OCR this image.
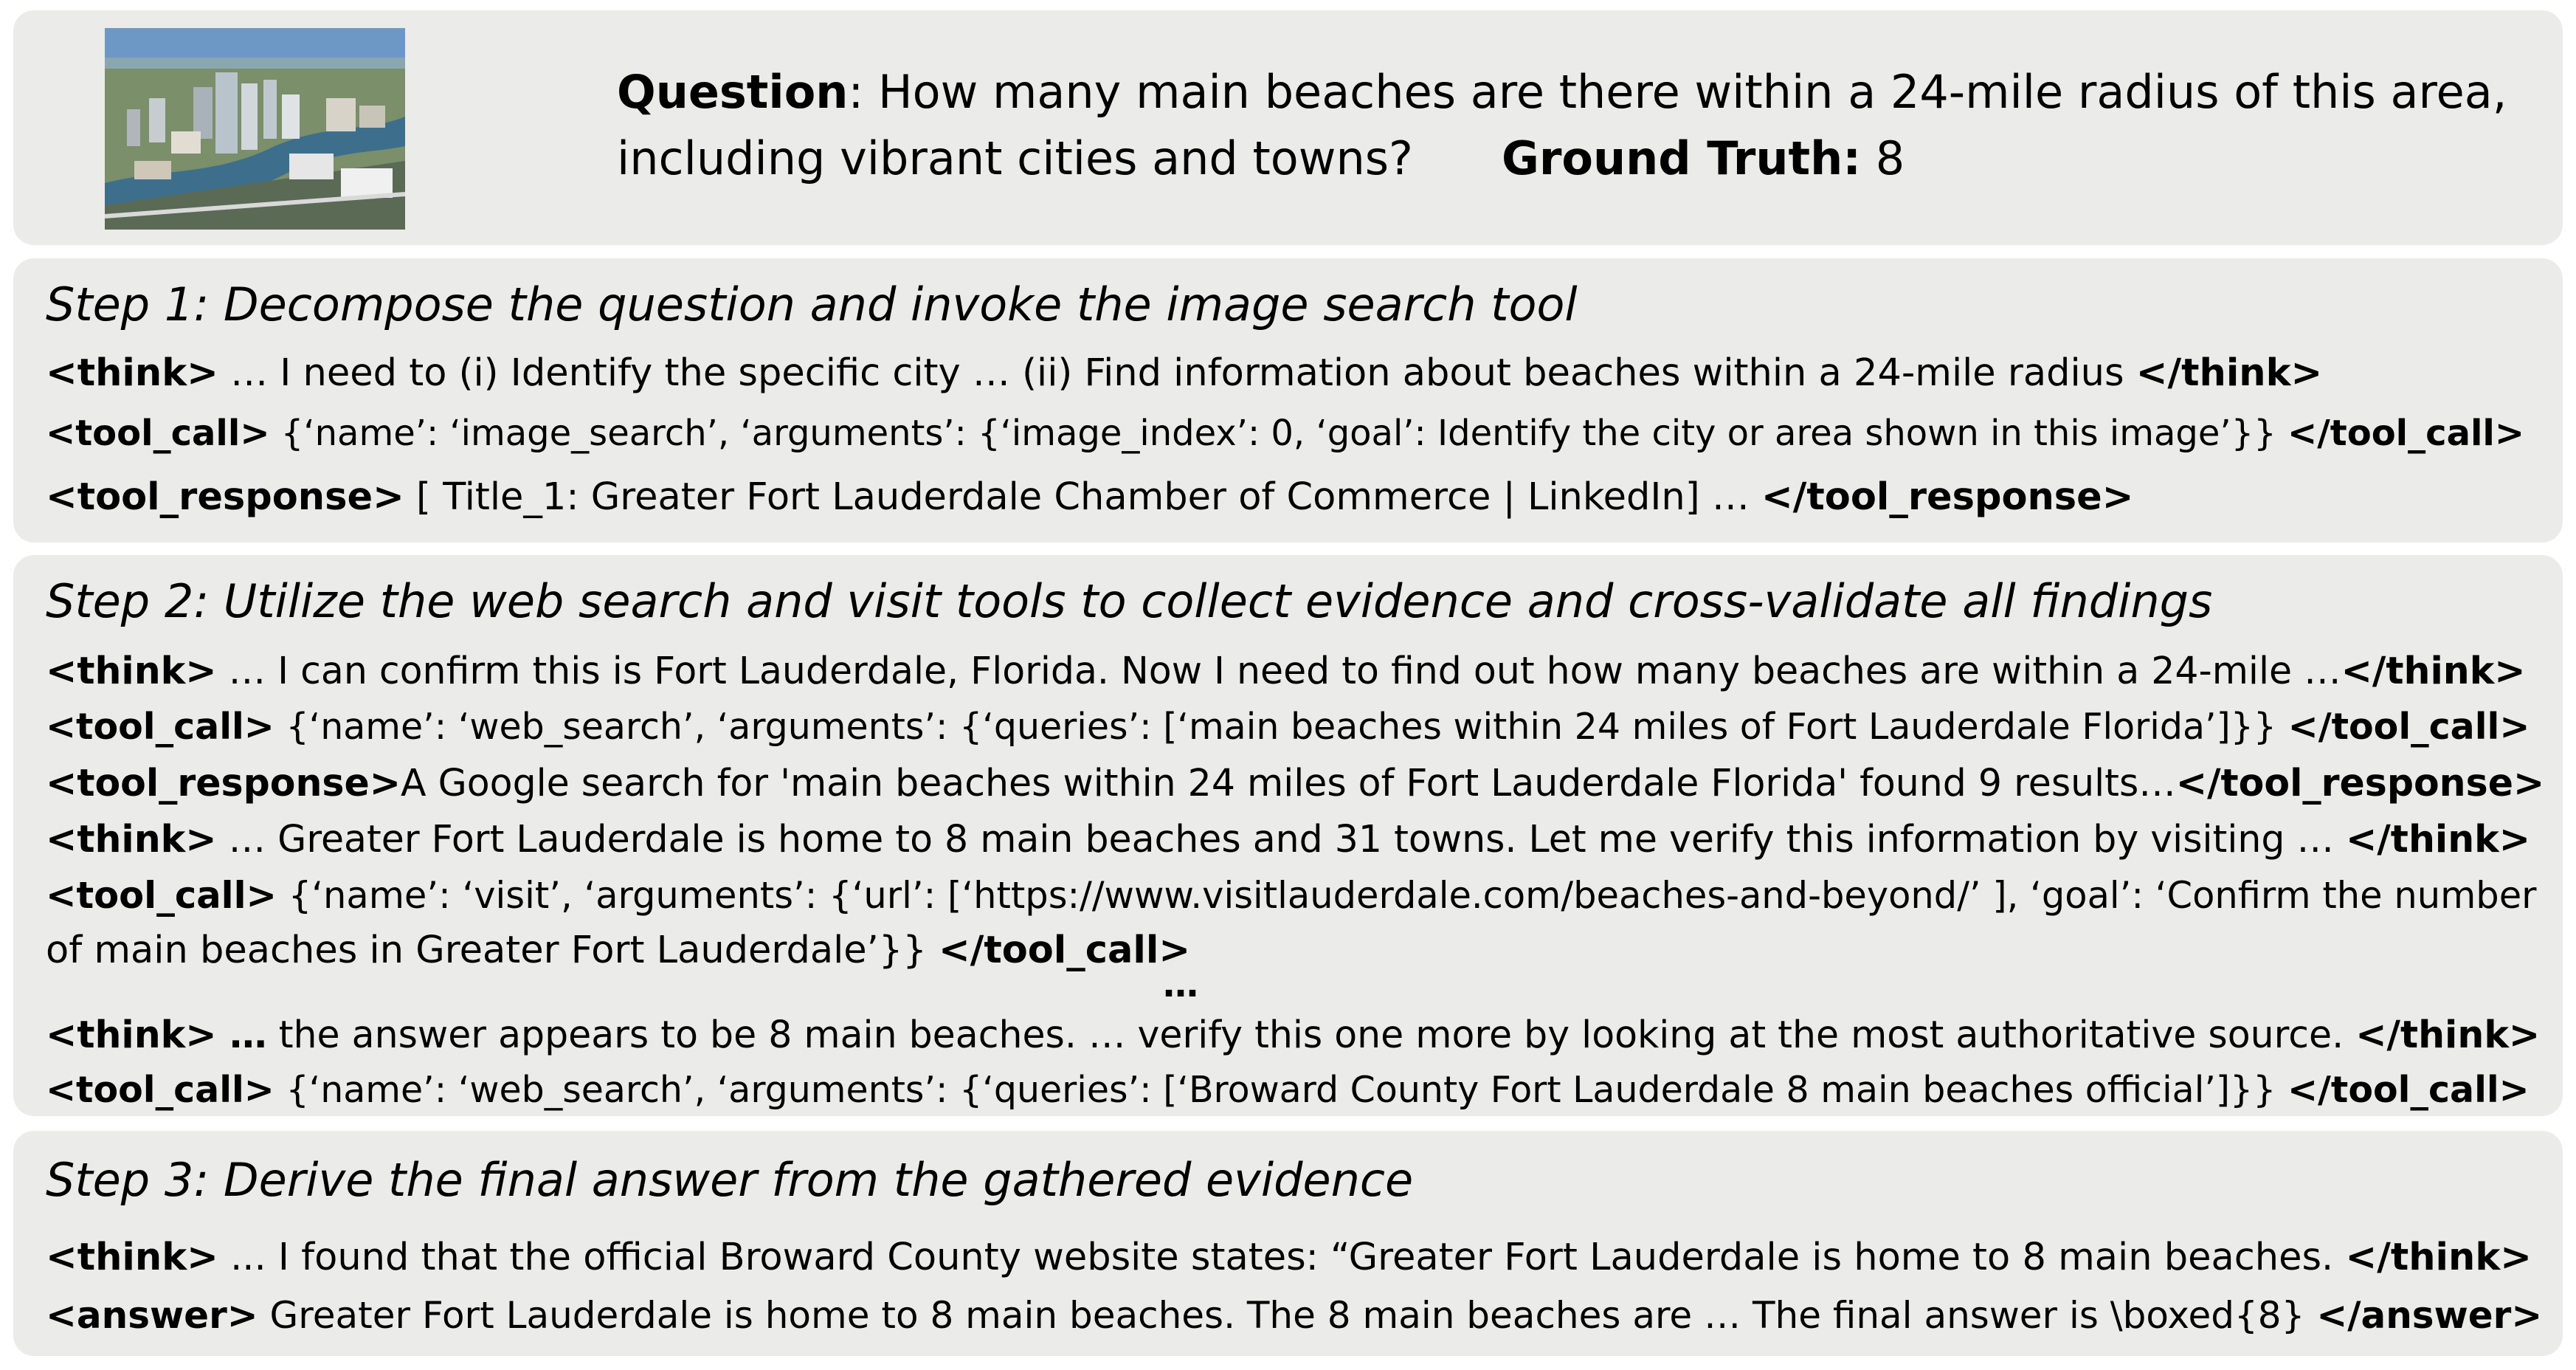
Question: How many main beaches are there within a 24-mile radius of this area,
including vibrant cities and towns? Ground Truth: 8
Step 1: Decompose the question and invoke the image search tool
<think> … I need to (i) Identify the specific city … (ii) Find information about beaches within a 24-mile radius </think>
<tool_call> {‘name’: ‘image_search’, ‘arguments’: {‘image_index’: 0, ‘goal’: Identify the city or area shown in this image’}} </tool_call>
<tool_response> [ Title_1: Greater Fort Lauderdale Chamber of Commerce | LinkedIn] … </tool_response>
Step 2: Utilize the web search and visit tools to collect evidence and cross-validate all findings
<think> … I can confirm this is Fort Lauderdale, Florida. Now I need to find out how many beaches are within a 24-mile …</think>
<tool_call> {‘name’: ‘web_search’, ‘arguments’: {‘queries’: [‘main beaches within 24 miles of Fort Lauderdale Florida’]}} </tool_call>
<tool_response>A Google search for 'main beaches within 24 miles of Fort Lauderdale Florida' found 9 results…</tool_response>
<think> … Greater Fort Lauderdale is home to 8 main beaches and 31 towns. Let me verify this information by visiting … </think>
<tool_call> {‘name’: ‘visit’, ‘arguments’: {‘url’: [‘https://www.visitlauderdale.com/beaches-and-beyond/’ ], ‘goal’: ‘Confirm the number
of main beaches in Greater Fort Lauderdale’}} </tool_call>
…
<think> … the answer appears to be 8 main beaches. … verify this one more by looking at the most authoritative source. </think>
<tool_call> {‘name’: ‘web_search’, ‘arguments’: {‘queries’: [‘Broward County Fort Lauderdale 8 main beaches official’]}} </tool_call>
Step 3: Derive the final answer from the gathered evidence
<think> ... I found that the official Broward County website states: “Greater Fort Lauderdale is home to 8 main beaches. </think>
<answer> Greater Fort Lauderdale is home to 8 main beaches. The 8 main beaches are … The final answer is \boxed{8} </answer>
